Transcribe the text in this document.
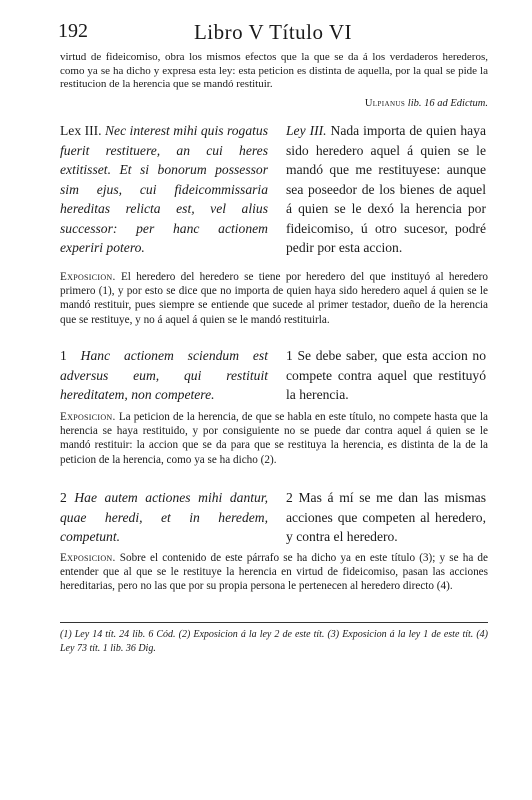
192	Libro V Título VI
virtud de fideicomiso, obra los mismos efectos que la que se da á los verdaderos herederos, como ya se ha dicho y expresa esta ley: esta peticion es distinta de aquella, por la qual se pide la restitucion de la herencia que se mandó restituir.
Ulpianus lib. 16 ad Edictum.
Lex III. Nec interest mihi quis rogatus fuerit restituere, an cui heres extitisset. Et si bonorum possessor sim ejus, cui fideicommissaria hereditas relicta est, vel alius successor: per hanc actionem experiri potero.
Ley III. Nada importa de quien haya sido heredero aquel á quien se le mandó que me restituyese: aunque sea poseedor de los bienes de aquel á quien se le dexó la herencia por fideicomiso, ú otro sucesor, podré pedir por esta accion.
Exposicion. El heredero del heredero se tiene por heredero del que instituyó al heredero primero (1), y por esto se dice que no importa de quien haya sido heredero aquel á quien se le mandó restituir, pues siempre se entiende que sucede al primer testador, dueño de la herencia que se restituye, y no á aquel á quien se le mandó restituirla.
1 Hanc actionem sciendum est adversus eum, qui restituit hereditatem, non competere.
1 Se debe saber, que esta accion no compete contra aquel que restituyó la herencia.
Exposicion. La peticion de la herencia, de que se habla en este título, no compete hasta que la herencia se haya restituido, y por consiguiente no se puede dar contra aquel á quien se le mandó restituir: la accion que se da para que se restituya la herencia, es distinta de la de la peticion de la herencia, como ya se ha dicho (2).
2 Hae autem actiones mihi dantur, quae heredi, et in heredem, competunt.
2 Mas á mí se me dan las mismas acciones que competen al heredero, y contra el heredero.
Exposicion. Sobre el contenido de este párrafo se ha dicho ya en este título (3); y se ha de entender que al que se le restituye la herencia en virtud de fideicomiso, pasan las acciones hereditarias, pero no las que por su propia persona le pertenecen al heredero directo (4).
(1) Ley 14 tít. 24 lib. 6 Cód. (2) Exposicion á la ley 2 de este tít. (3) Exposicion á la ley 1 de este tít. (4) Ley 73 tít. 1 lib. 36 Dig.
